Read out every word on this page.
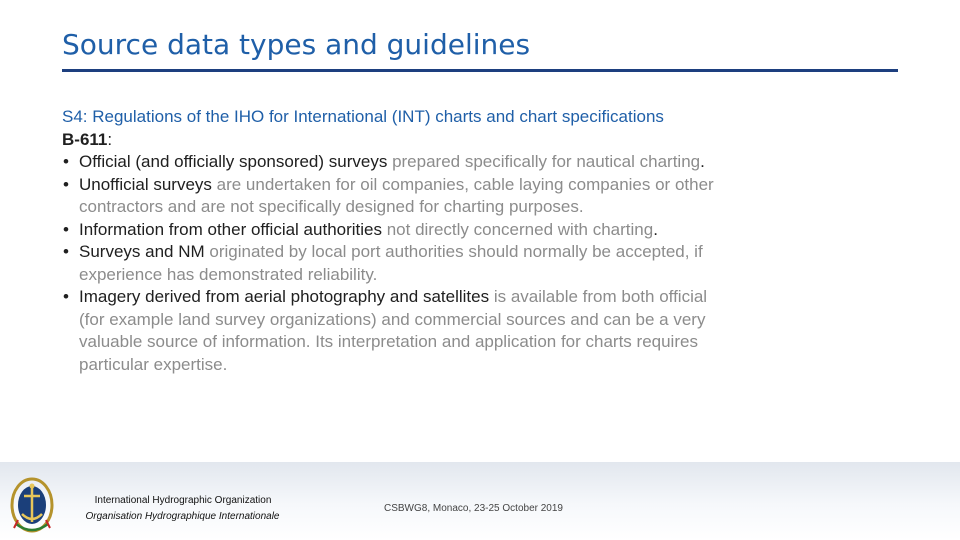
Source data types and guidelines
S4: Regulations of the IHO for International (INT) charts and chart specifications
B-611:
• Official (and officially sponsored) surveys prepared specifically for nautical charting.
• Unofficial surveys are undertaken for oil companies, cable laying companies or other
contractors and are not specifically designed for charting purposes.
• Information from other official authorities not directly concerned with charting.
• Surveys and NM originated by local port authorities should normally be accepted, if
experience has demonstrated reliability.
• Imagery derived from aerial photography and satellites is available from both official
(for example land survey organizations) and commercial sources and can be a very
valuable source of information. Its interpretation and application for charts requires
particular expertise.
International Hydrographic Organization
Organisation Hydrographique Internationale
CSBWG8, Monaco, 23-25 October 2019
